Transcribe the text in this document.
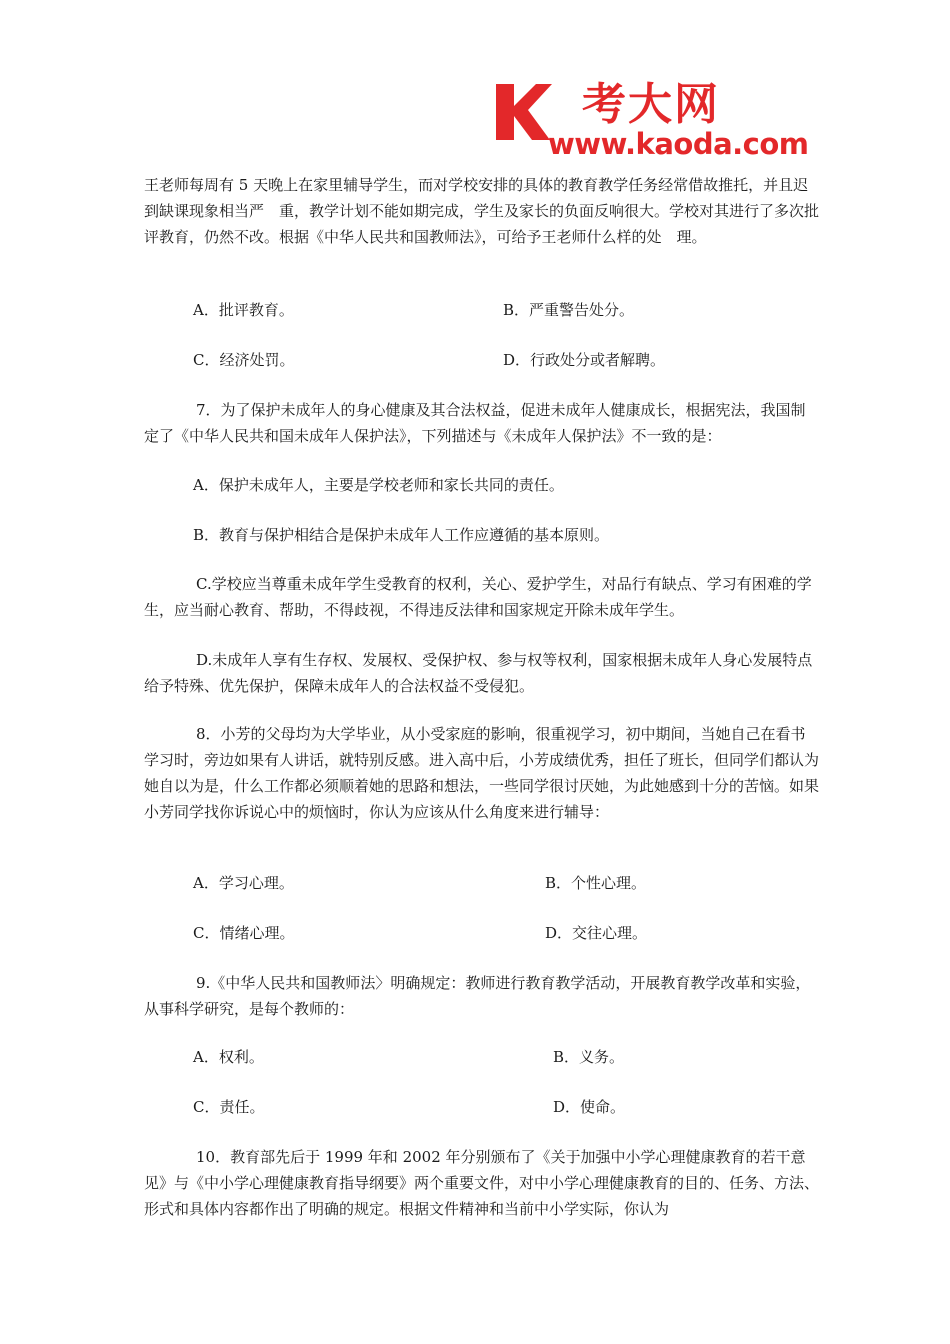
考大网
www.kaoda.com

王老师每周有 5 天晚上在家里辅导学生，而对学校安排的具体的教育教学任务经常借故推托，并且迟到缺课现象相当严　重，教学计划不能如期完成，学生及家长的负面反响很大。学校对其进行了多次批评教育，仍然不改。根据《中华人民共和国教师法》，可给予王老师什么样的处　理。

A．批评教育。	B．严重警告处分。
C．经济处罚。	D．行政处分或者解聘。

7．为了保护未成年人的身心健康及其合法权益，促进未成年人健康成长，根据宪法，我国制定了《中华人民共和国未成年人保护法》，下列描述与《未成年人保护法》不一致的是：

A．保护未成年人，主要是学校老师和家长共同的责任。
B．教育与保护相结合是保护未成年人工作应遵循的基本原则。

C.学校应当尊重未成年学生受教育的权利，关心、爱护学生，对品行有缺点、学习有困难的学生，应当耐心教育、帮助，不得歧视，不得违反法律和国家规定开除未成年学生。

D.未成年人享有生存权、发展权、受保护权、参与权等权利，国家根据未成年人身心发展特点给予特殊、优先保护，保障未成年人的合法权益不受侵犯。

8．小芳的父母均为大学毕业，从小受家庭的影响，很重视学习，初中期间，当她自己在看书学习时，旁边如果有人讲话，就特别反感。进入高中后，小芳成绩优秀，担任了班长，但同学们都认为她自以为是，什么工作都必须顺着她的思路和想法，一些同学很讨厌她，为此她感到十分的苦恼。如果小芳同学找你诉说心中的烦恼时，你认为应该从什么角度来进行辅导：

A．学习心理。	B．个性心理。
C．情绪心理。	D．交往心理。

9.《中华人民共和国教师法〉明确规定：教师进行教育教学活动，开展教育教学改革和实验，从事科学研究，是每个教师的：

A．权利。	B．义务。
C．责任。	D．使命。

10．教育部先后于 1999 年和 2002 年分别颁布了《关于加强中小学心理健康教育的若干意见》与《中小学心理健康教育指导纲要》两个重要文件，对中小学心理健康教育的目的、任务、方法、形式和具体内容都作出了明确的规定。根据文件精神和当前中小学实际，你认为
